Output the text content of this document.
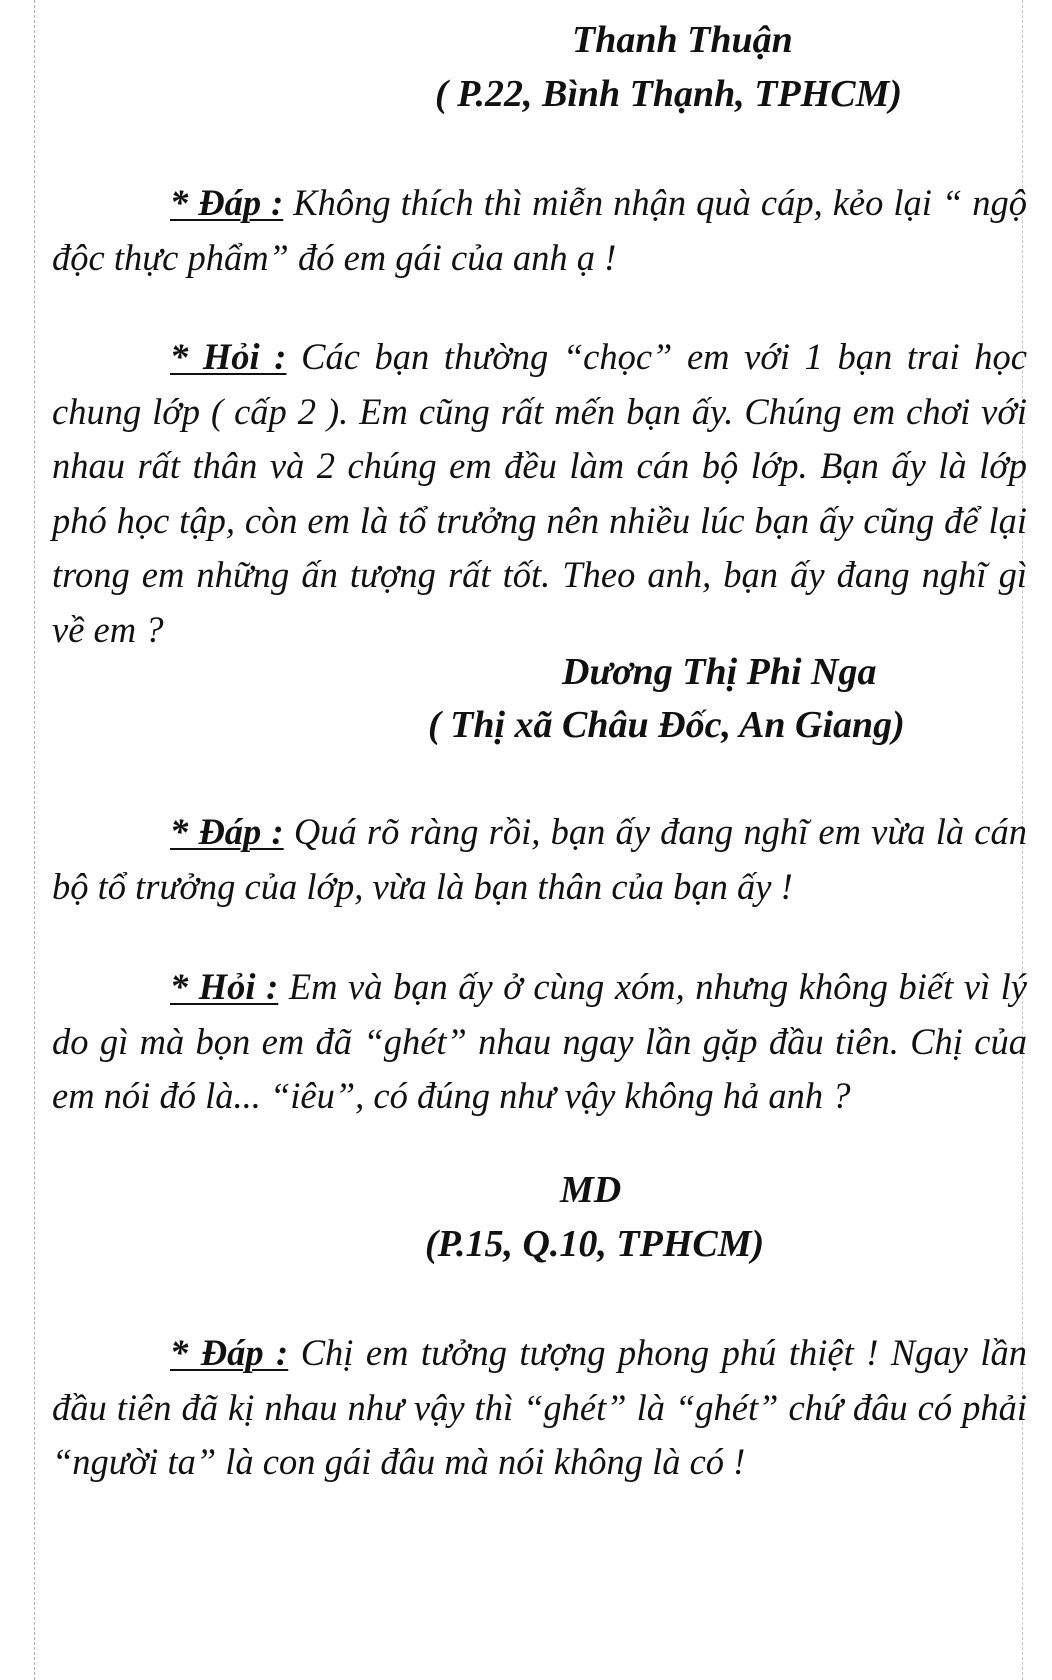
Thanh Thuận
( P.22, Bình Thạnh, TPHCM)
* Đáp : Không thích thì miễn nhận quà cáp, kẻo lại “ ngộ độc thực phẩm” đó em gái của anh ạ !
* Hỏi : Các bạn thường “chọc” em với 1 bạn trai học chung lớp ( cấp 2 ). Em cũng rất mến bạn ấy. Chúng em chơi với nhau rất thân và 2 chúng em đều làm cán bộ lớp. Bạn ấy là lớp phó học tập, còn em là tổ trưởng nên nhiều lúc bạn ấy cũng để lại trong em những ấn tượng rất tốt. Theo anh, bạn ấy đang nghĩ gì về em ?
Dương Thị Phi Nga
( Thị xã Châu Đốc, An Giang)
* Đáp : Quá rõ ràng rồi, bạn ấy đang nghĩ em vừa là cán bộ tổ trưởng của lớp, vừa là bạn thân của bạn ấy !
* Hỏi : Em và bạn ấy ở cùng xóm, nhưng không biết vì lý do gì mà bọn em đã “ghét” nhau ngay lần gặp đầu tiên. Chị của em nói đó là... “iêu”, có đúng như vậy không hả anh ?
MD
(P.15, Q.10, TPHCM)
* Đáp : Chị em tưởng tượng phong phú thiệt ! Ngay lần đầu tiên đã kị nhau như vậy thì “ghét” là “ghét” chứ đâu có phải “người ta” là con gái đâu mà nói không là có !
